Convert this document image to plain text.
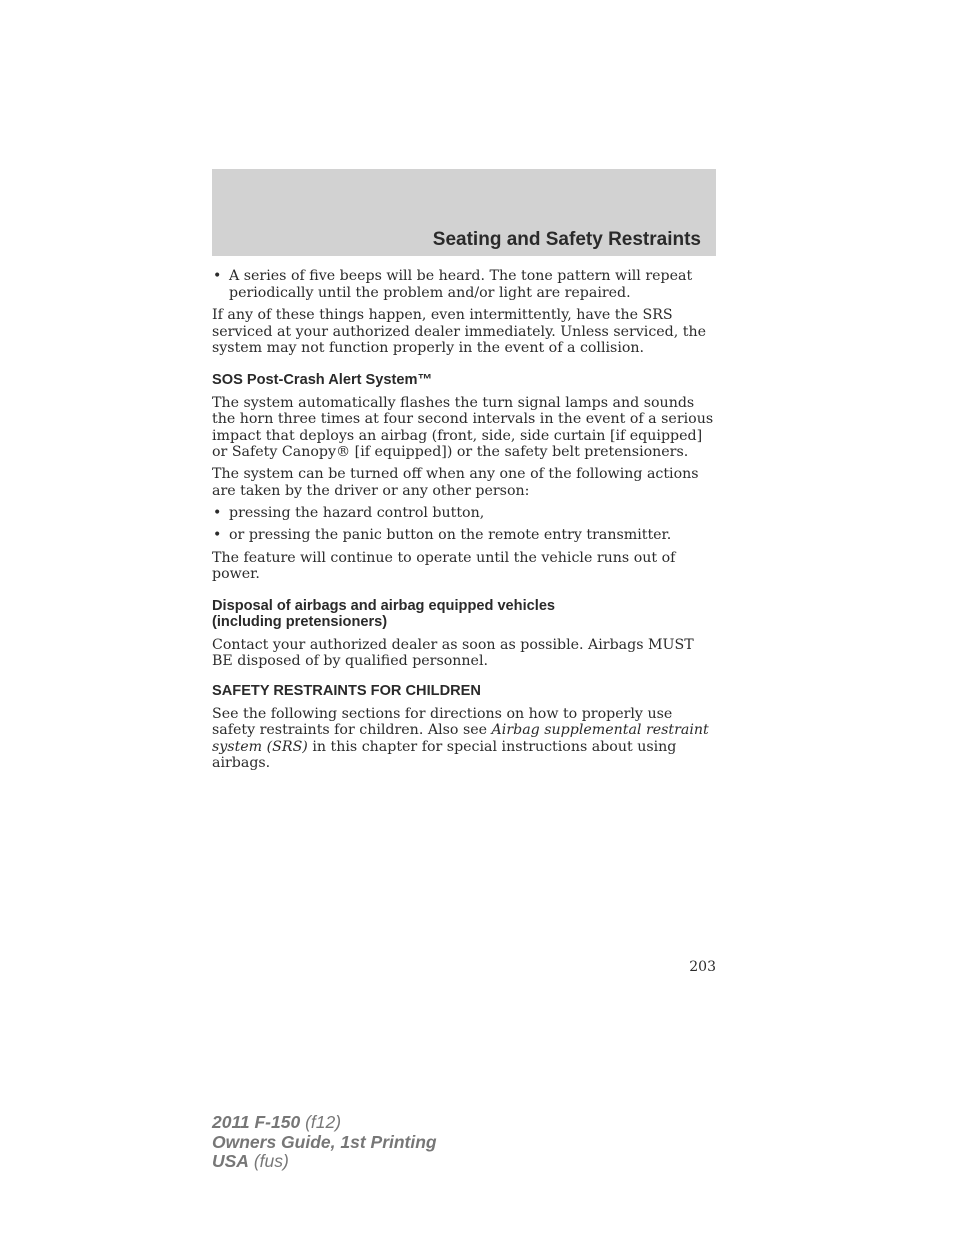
Seating and Safety Restraints
• A series of five beeps will be heard. The tone pattern will repeat periodically until the problem and/or light are repaired.

If any of these things happen, even intermittently, have the SRS serviced at your authorized dealer immediately. Unless serviced, the system may not function properly in the event of a collision.

SOS Post-Crash Alert System™

The system automatically flashes the turn signal lamps and sounds the horn three times at four second intervals in the event of a serious impact that deploys an airbag (front, side, side curtain [if equipped] or Safety Canopy® [if equipped]) or the safety belt pretensioners.

The system can be turned off when any one of the following actions are taken by the driver or any other person:

• pressing the hazard control button,
• or pressing the panic button on the remote entry transmitter.

The feature will continue to operate until the vehicle runs out of power.

Disposal of airbags and airbag equipped vehicles
(including pretensioners)

Contact your authorized dealer as soon as possible. Airbags MUST BE disposed of by qualified personnel.

SAFETY RESTRAINTS FOR CHILDREN

See the following sections for directions on how to properly use safety restraints for children. Also see Airbag supplemental restraint system (SRS) in this chapter for special instructions about using airbags.

203
2011 F-150 (f12)
Owners Guide, 1st Printing
USA (fus)
